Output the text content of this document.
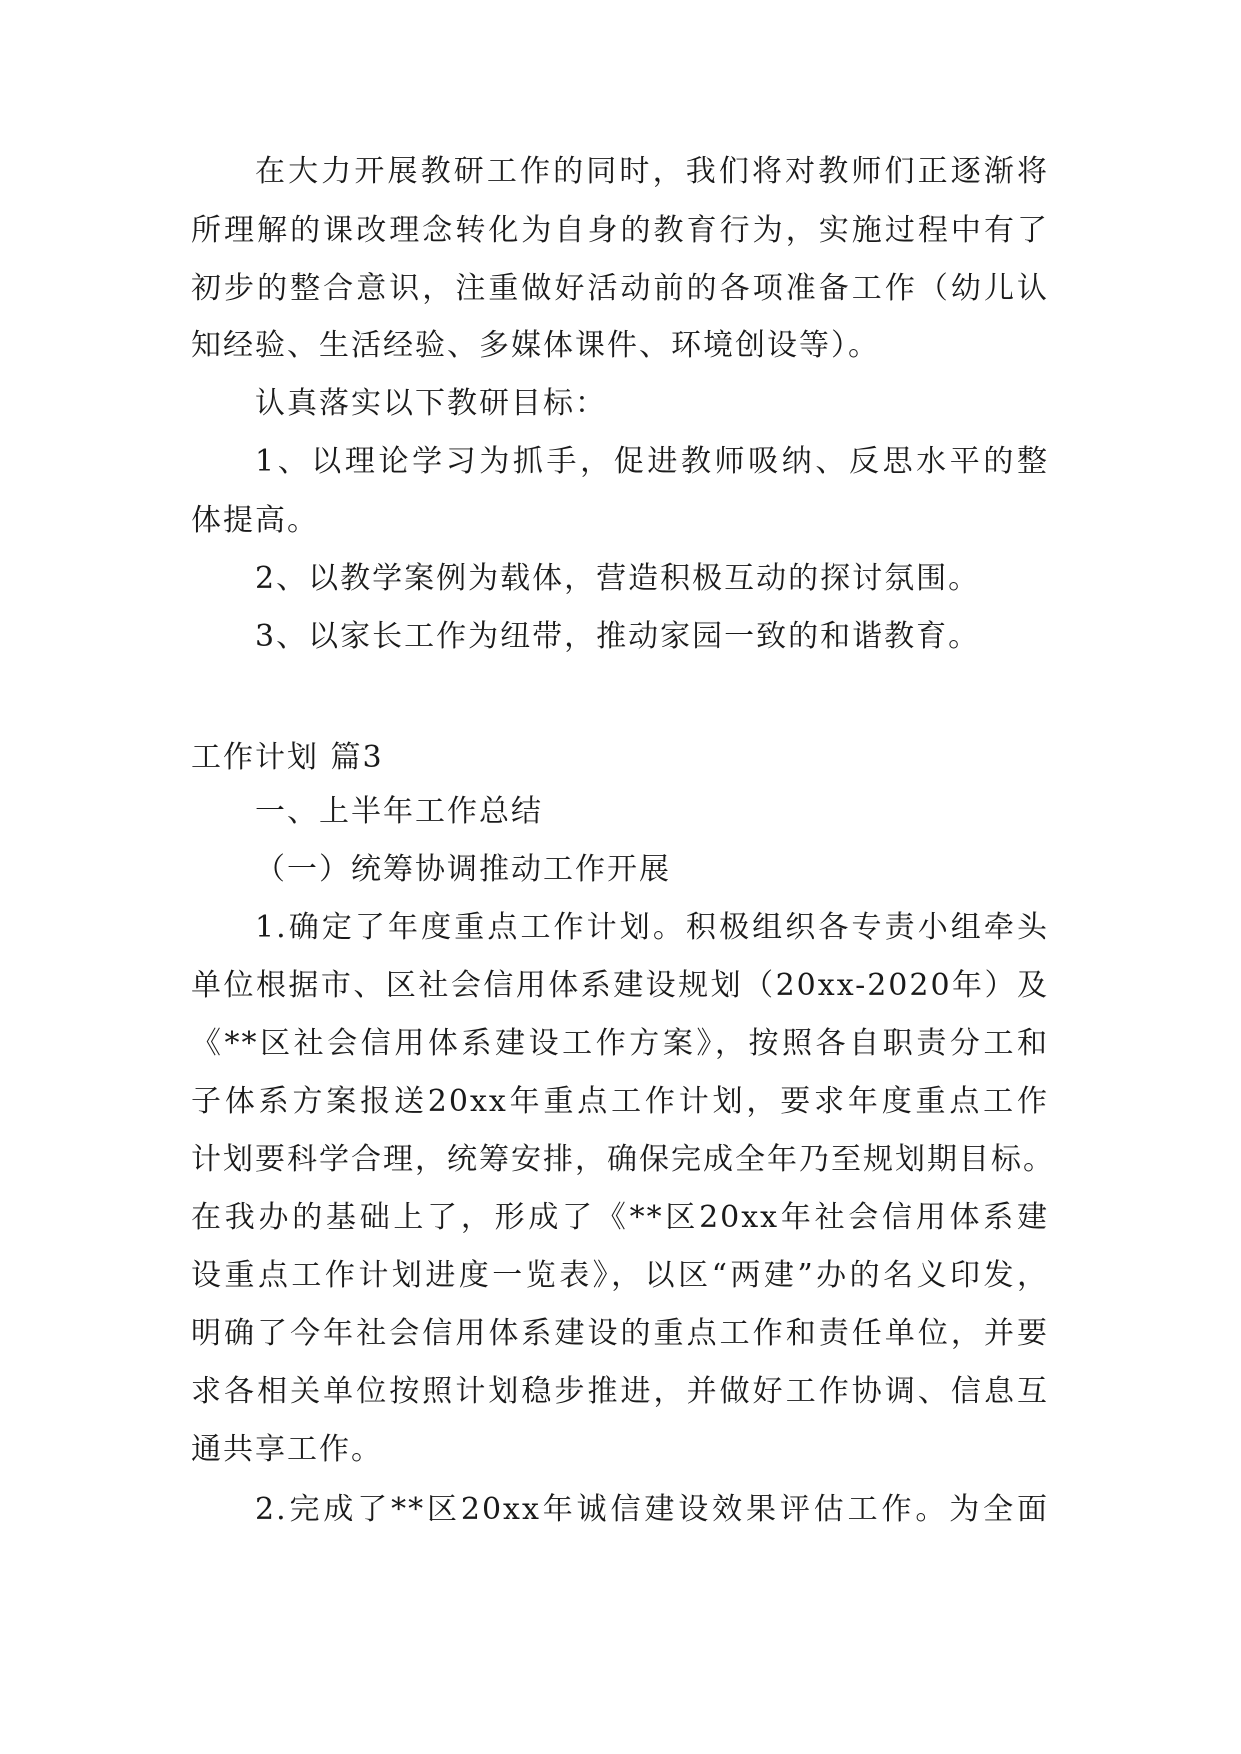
在大力开展教研工作的同时，我们将对教师们正逐渐将

所理解的课改理念转化为自身的教育行为，实施过程中有了

初步的整合意识，注重做好活动前的各项准备工作（幼儿认

知经验、生活经验、多媒体课件、环境创设等）。

认真落实以下教研目标：

1、以理论学习为抓手，促进教师吸纳、反思水平的整

体提高。

2、以教学案例为载体，营造积极互动的探讨氛围。

3、以家长工作为纽带，推动家园一致的和谐教育。

工作计划 篇3

一、上半年工作总结

（一）统筹协调推动工作开展

1.确定了年度重点工作计划。积极组织各专责小组牵头

单位根据市、区社会信用体系建设规划（20xx-2020年）及

《**区社会信用体系建设工作方案》，按照各自职责分工和

子体系方案报送20xx年重点工作计划，要求年度重点工作

计划要科学合理，统筹安排，确保完成全年乃至规划期目标。

在我办的基础上了，形成了《**区20xx年社会信用体系建

设重点工作计划进度一览表》，以区“两建”办的名义印发，

明确了今年社会信用体系建设的重点工作和责任单位，并要

求各相关单位按照计划稳步推进，并做好工作协调、信息互

通共享工作。

2.完成了**区20xx年诚信建设效果评估工作。为全面
